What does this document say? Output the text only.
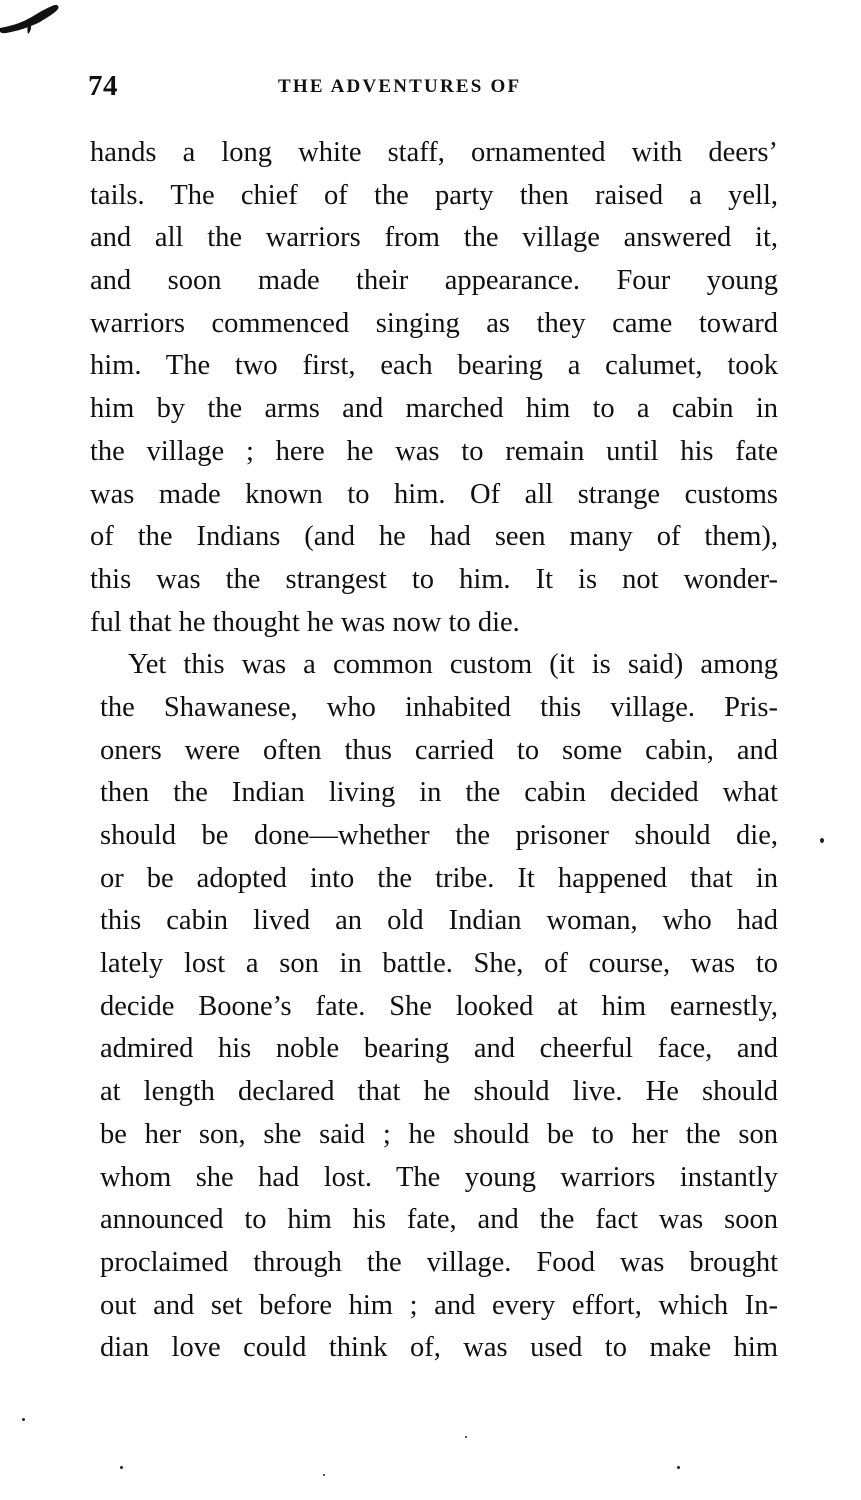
74	THE ADVENTURES OF

hands a long white staff, ornamented with deers’
tails. The chief of the party then raised a yell,
and all the warriors from the village answered it,
and soon made their appearance. Four young
warriors commenced singing as they came toward
him. The two first, each bearing a calumet, took
him by the arms and marched him to a cabin in
the village ; here he was to remain until his fate
was made known to him. Of all strange customs
of the Indians (and he had seen many of them),
this was the strangest to him. It is not wonder-
ful that he thought he was now to die.

Yet this was a common custom (it is said) among
the Shawanese, who inhabited this village. Pris-
oners were often thus carried to some cabin, and
then the Indian living in the cabin decided what
should be done—whether the prisoner should die,
or be adopted into the tribe. It happened that in
this cabin lived an old Indian woman, who had
lately lost a son in battle. She, of course, was to
decide Boone’s fate. She looked at him earnestly,
admired his noble bearing and cheerful face, and
at length declared that he should live. He should
be her son, she said ; he should be to her the son
whom she had lost. The young warriors instantly
announced to him his fate, and the fact was soon
proclaimed through the village. Food was brought
out and set before him ; and every effort, which In-
dian love could think of, was used to make him
